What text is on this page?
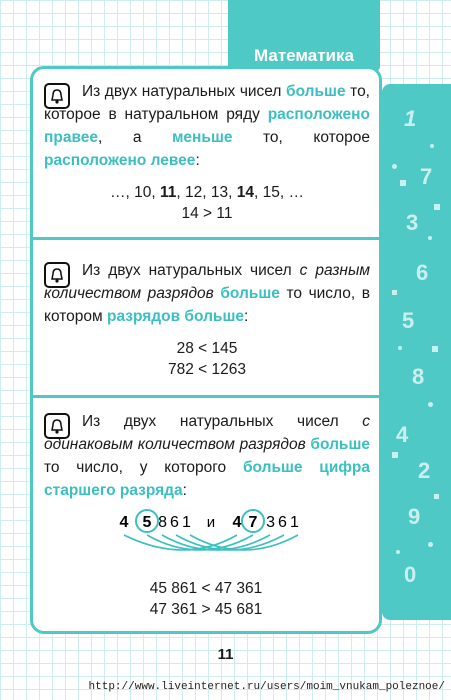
Математика
1
7
3
6
5
8
4
2
9
0

Из двух натуральных чисел больше то, которое в натуральном ряду расположено правее, а меньше то, которое расположено левее:

…, 10, 11, 12, 13, 14, 15, …
14 > 11

Из двух натуральных чисел с разным количеством разрядов больше то число, в котором разрядов больше:

28 < 145
782 < 1263

Из двух натуральных чисел с одинаковым количеством разрядов больше то число, у которого больше цифра старшего разряда:

4 5 861 и 4 7 361
45 861 < 47 361
47 361 > 45 681
11
http://www.liveinternet.ru/users/moim_vnukam_poleznoe/
